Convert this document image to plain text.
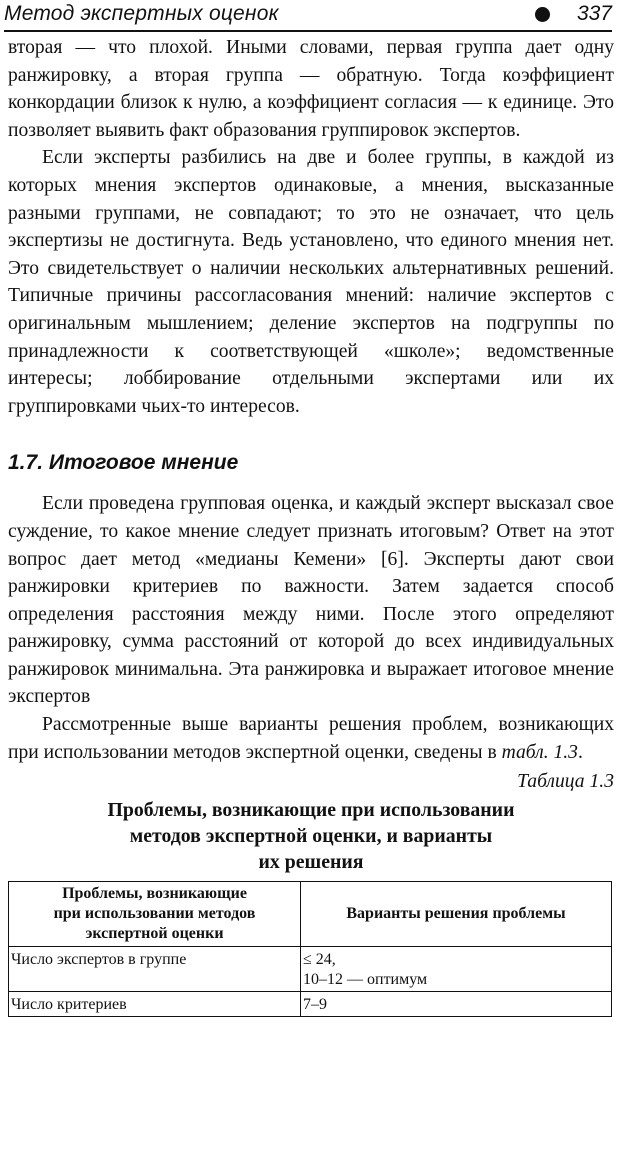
Метод экспертных оценок	337

вторая — что плохой. Иными словами, первая группа дает одну ранжировку, а вторая группа — обратную. Тогда коэффициент конкордации близок к нулю, а коэффициент согласия — к единице. Это позволяет выявить факт образования группировок экспертов.

Если эксперты разбились на две и более группы, в каждой из которых мнения экспертов одинаковые, а мнения, высказанные разными группами, не совпадают; то это не означает, что цель экспертизы не достигнута. Ведь установлено, что единого мнения нет. Это свидетельствует о наличии нескольких альтернативных решений. Типичные причины рассогласования мнений: наличие экспертов с оригинальным мышлением; деление экспертов на подгруппы по принадлежности к соответствующей «школе»; ведомственные интересы; лоббирование отдельными экспертами или их группировками чьих-то интересов.

1.7. Итоговое мнение

Если проведена групповая оценка, и каждый эксперт высказал свое суждение, то какое мнение следует признать итоговым? Ответ на этот вопрос дает метод «медианы Кемени» [6]. Эксперты дают свои ранжировки критериев по важности. Затем задается способ определения расстояния между ними. После этого определяют ранжировку, сумма расстояний от которой до всех индивидуальных ранжировок минимальна. Эта ранжировка и выражает итоговое мнение экспертов

Рассмотренные выше варианты решения проблем, возникающих при использовании методов экспертной оценки, сведены в табл. 1.3.

Таблица 1.3
Проблемы, возникающие при использовании
методов экспертной оценки, и варианты
их решения
Проблемы, возникающие
при использовании методов
экспертной оценки	Варианты решения проблемы
Число экспертов в группе	≤ 24,
10–12 — оптимум

Число критериев	7–9
